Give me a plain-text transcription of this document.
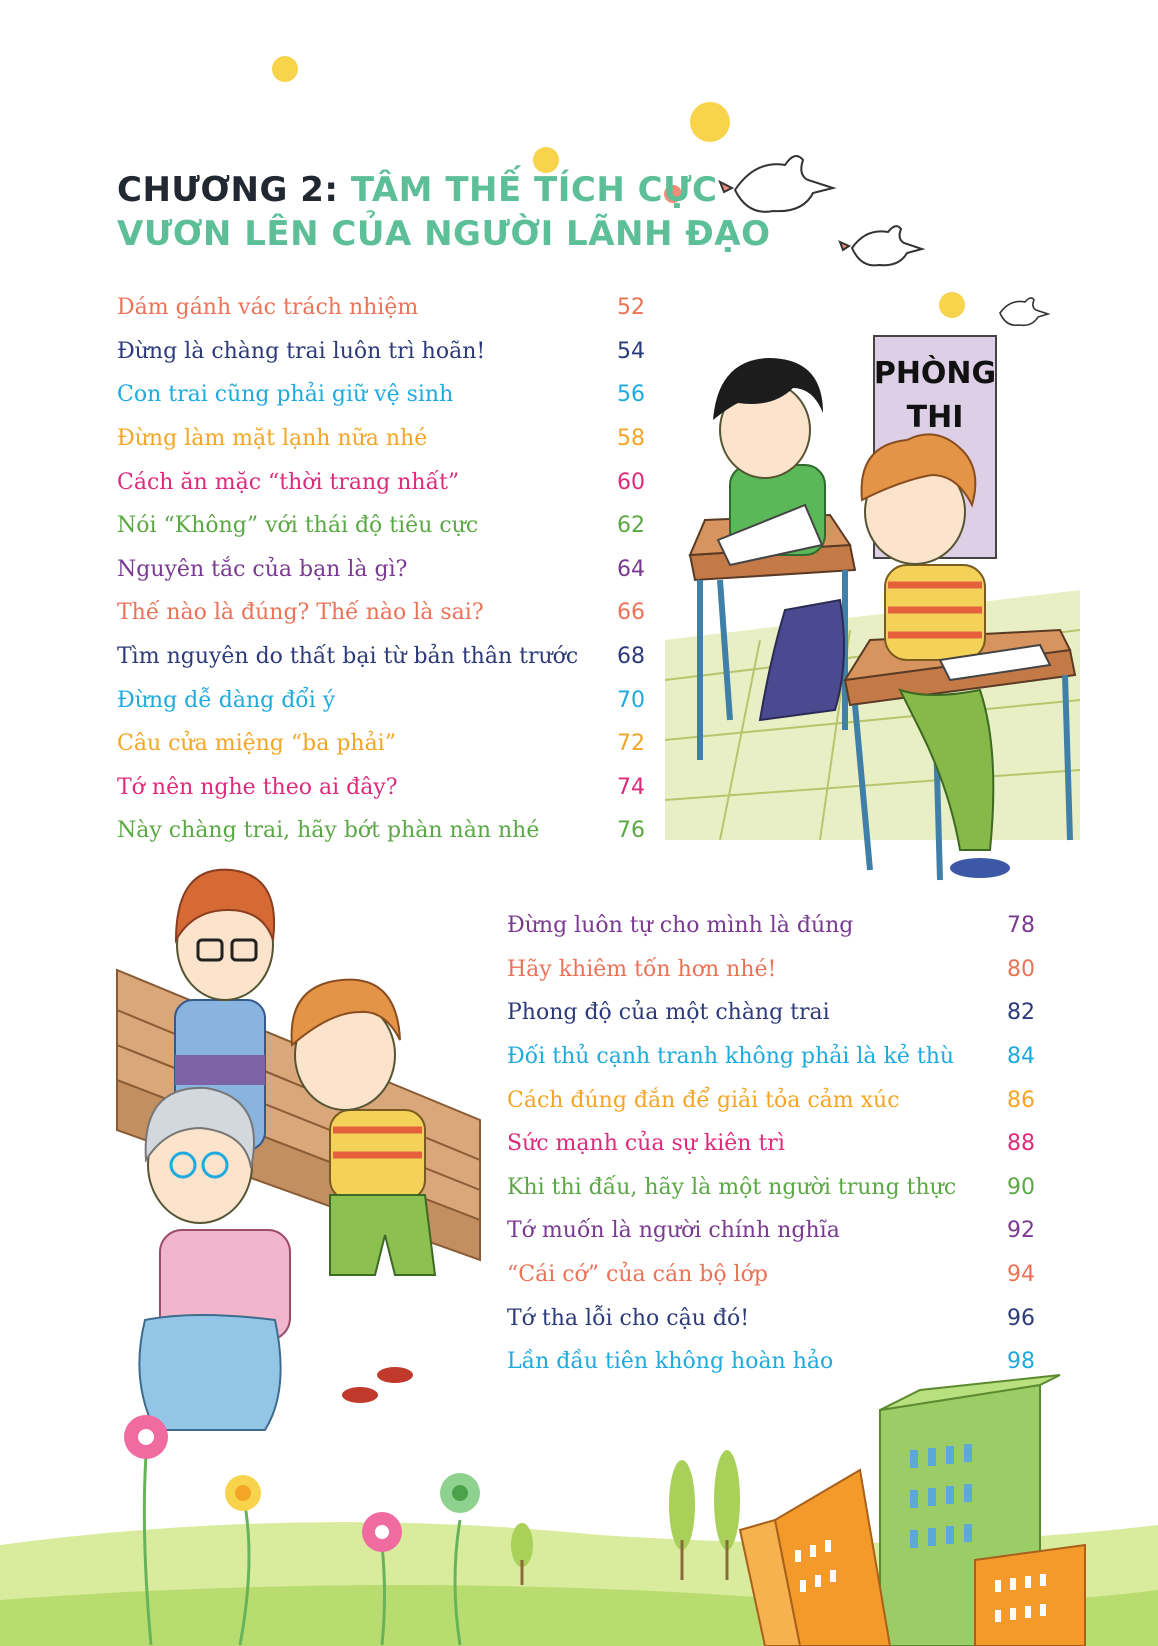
PHÒNG
THI
CHƯƠNG 2: TÂM THẾ TÍCH CỰC
VƯƠN LÊN CỦA NGƯỜI LÃNH ĐẠO
Dám gánh vác trách nhiệm	52
Đừng là chàng trai luôn trì hoãn!	54
Con trai cũng phải giữ vệ sinh	56
Đừng làm mặt lạnh nữa nhé	58
Cách ăn mặc “thời trang nhất”	60
Nói “Không” với thái độ tiêu cực	62
Nguyên tắc của bạn là gì?	64
Thế nào là đúng? Thế nào là sai?	66
Tìm nguyên do thất bại từ bản thân trước 68
Đừng dễ dàng đổi ý	70
Câu cửa miệng “ba phải”	72
Tớ nên nghe theo ai đây?	74
Này chàng trai, hãy bớt phàn nàn nhé	76
Đừng luôn tự cho mình là đúng	78
Hãy khiêm tốn hơn nhé!	80
Phong độ của một chàng trai	82
Đối thủ cạnh tranh không phải là kẻ thù 84
Cách đúng đắn để giải tỏa cảm xúc	86
Sức mạnh của sự kiên trì	88
Khi thi đấu, hãy là một người trung thực 90
Tớ muốn là người chính nghĩa	92
“Cái cớ” của cán bộ lớp	94
Tớ tha lỗi cho cậu đó!	96
Lần đầu tiên không hoàn hảo	98
